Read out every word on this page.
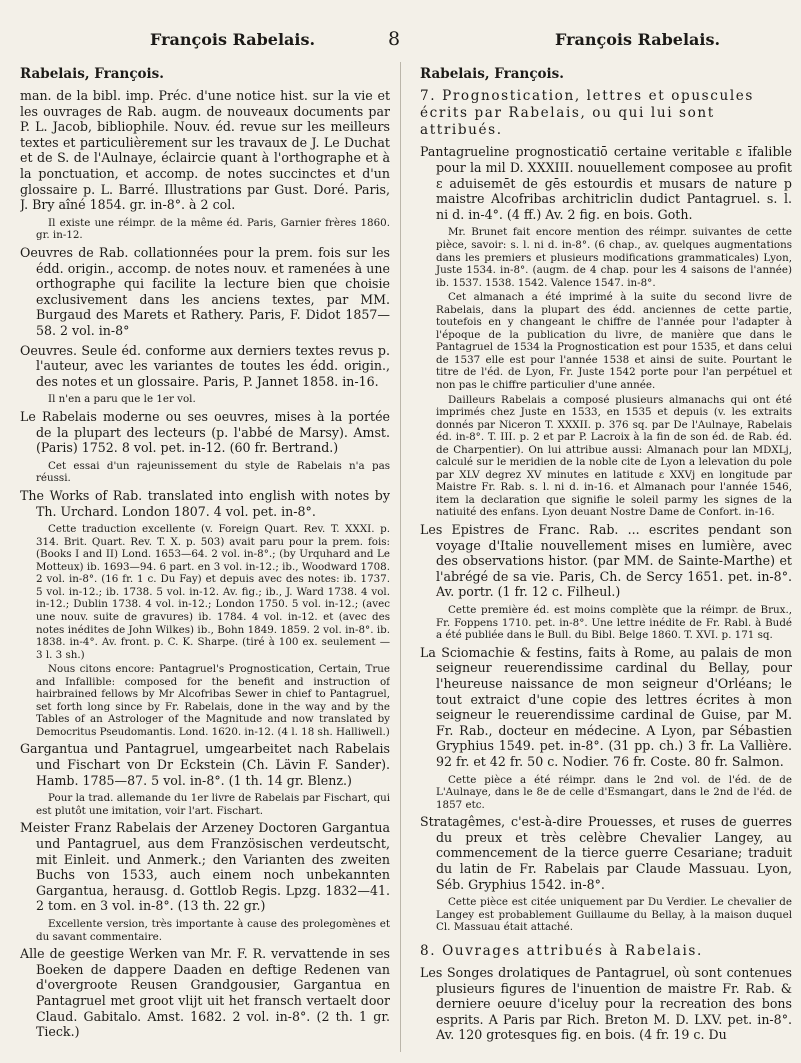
François Rabelais.	8	François Rabelais.
Rabelais, François.

man. de la bibl. imp. Préc. d'une notice hist. sur la vie et les ouvrages de Rab. augm. de nouveaux documents par P. L. Jacob, bibliophile. Nouv. éd. revue sur les meilleurs textes et particulièrement sur les travaux de J. Le Duchat et de S. de l'Aulnaye, éclaircie quant à l'orthographe et à la ponctuation, et accomp. de notes succinctes et d'un glossaire p. L. Barré. Illustrations par Gust. Doré. Paris, J. Bry aîné 1854. gr. in-8°. à 2 col.

Il existe une réimpr. de la même éd. Paris, Garnier frères 1860. gr. in-12.

Oeuvres de Rab. collationnées pour la prem. fois sur les édd. origin., accomp. de notes nouv. et ramenées à une orthographe qui facilite la lecture bien que choisie exclusivement dans les anciens textes, par MM. Burgaud des Marets et Rathery. Paris, F. Didot 1857—58. 2 vol. in-8°

Oeuvres. Seule éd. conforme aux derniers textes revus p. l'auteur, avec les variantes de toutes les édd. origin., des notes et un glossaire. Paris, P. Jannet 1858. in-16.

Il n'en a paru que le 1er vol.

Le Rabelais moderne ou ses oeuvres, mises à la portée de la plupart des lecteurs (p. l'abbé de Marsy). Amst. (Paris) 1752. 8 vol. pet. in-12. (60 fr. Bertrand.)

Cet essai d'un rajeunissement du style de Rabelais n'a pas réussi.

The Works of Rab. translated into english with notes by Th. Urchard. London 1807. 4 vol. pet. in-8°.

Cette traduction excellente (v. Foreign Quart. Rev. T. XXXI. p. 314. Brit. Quart. Rev. T. X. p. 503) avait paru pour la prem. fois: (Books I and II) Lond. 1653—64. 2 vol. in-8°.; (by Urquhard and Le Motteux) ib. 1693—94. 6 part. en 3 vol. in-12.; ib., Woodward 1708. 2 vol. in-8°. (16 fr. 1 c. Du Fay) et depuis avec des notes: ib. 1737. 5 vol. in-12.; ib. 1738. 5 vol. in-12. Av. fig.; ib., J. Ward 1738. 4 vol. in-12.; Dublin 1738. 4 vol. in-12.; London 1750. 5 vol. in-12.; (avec une nouv. suite de gravures) ib. 1784. 4 vol. in-12. et (avec des notes inédites de John Wilkes) ib., Bohn 1849. 1859. 2 vol. in-8°. ib. 1838. in-4°. Av. front. p. C. K. Sharpe. (tiré à 100 ex. seulement — 3 l. 3 sh.)

Nous citons encore: Pantagruel's Prognostication, Certain, True and Infallible: composed for the benefit and instruction of hairbrained fellows by Mr Alcofribas Sewer in chief to Pantagruel, set forth long since by Fr. Rabelais, done in the way and by the Tables of an Astrologer of the Magnitude and now translated by Democritus Pseudomantis. Lond. 1620. in-12. (4 l. 18 sh. Halliwell.)

Gargantua und Pantagruel, umgearbeitet nach Rabelais und Fischart von Dr Eckstein (Ch. Lävin F. Sander). Hamb. 1785—87. 5 vol. in-8°. (1 th. 14 gr. Blenz.)

Pour la trad. allemande du 1er livre de Rabelais par Fischart, qui est plutôt une imitation, voir l'art. Fischart.

Meister Franz Rabelais der Arzeney Doctoren Gargantua und Pantagruel, aus dem Französischen verdeutscht, mit Einleit. und Anmerk.; den Varianten des zweiten Buchs von 1533, auch einem noch unbekannten Gargantua, herausg. d. Gottlob Regis. Lpzg. 1832—41. 2 tom. en 3 vol. in-8°. (13 th. 22 gr.)

Excellente version, très importante à cause des prolegomènes et du savant commentaire.

Alle de geestige Werken van Mr. F. R. vervattende in ses Boeken de dappere Daaden en deftige Redenen van d'overgroote Reusen Grandgousier, Gargantua en Pantagruel met groot vlijt uit het fransch vertaelt door Claud. Gabitalo. Amst. 1682. 2 vol. in-8°. (2 th. 1 gr. Tieck.)

Rabelais, François.

7. Prognostication, lettres et opuscules écrits par Rabelais, ou qui lui sont attribués.

Pantagrueline prognosticatiō certaine veritable ɛ īfalible pour la mil D. XXXIII. nouuellement composee au profit ɛ aduisemēt de gēs estourdis et musars de nature p maistre Alcofribas architriclin dudict Pantagruel. s. l. ni d. in-4°. (4 ff.) Av. 2 fig. en bois. Goth.

Mr. Brunet fait encore mention des réimpr. suivantes de cette pièce, savoir: s. l. ni d. in-8°. (6 chap., av. quelques augmentations dans les premiers et plusieurs modifications grammaticales) Lyon, Juste 1534. in-8°. (augm. de 4 chap. pour les 4 saisons de l'année) ib. 1537. 1538. 1542. Valence 1547. in-8°.

Cet almanach a été imprimé à la suite du second livre de Rabelais, dans la plupart des édd. anciennes de cette partie, toutefois en y changeant le chiffre de l'année pour l'adapter à l'époque de la publication du livre, de manière que dans le Pantagruel de 1534 la Prognostication est pour 1535, et dans celui de 1537 elle est pour l'année 1538 et ainsi de suite. Pourtant le titre de l'éd. de Lyon, Fr. Juste 1542 porte pour l'an perpétuel et non pas le chiffre particulier d'une année.

Dailleurs Rabelais a composé plusieurs almanachs qui ont été imprimés chez Juste en 1533, en 1535 et depuis (v. les extraits donnés par Niceron T. XXXII. p. 376 sq. par De l'Aulnaye, Rabelais éd. in-8°. T. III. p. 2 et par P. Lacroix à la fin de son éd. de Rab. éd. de Charpentier). On lui attribue aussi: Almanach pour lan MDXLj, calculé sur le meridien de la noble cite de Lyon a lelevation du pole par XLV degrez XV minutes en latitude ɛ XXVj en longitude par Maistre Fr. Rab. s. l. ni d. in-16. et Almanach pour l'année 1546, item la declaration que signifie le soleil parmy les signes de la natiuité des enfans. Lyon deuant Nostre Dame de Confort. in-16.

Les Epistres de Franc. Rab. ... escrites pendant son voyage d'Italie nouvellement mises en lumière, avec des observations histor. (par MM. de Sainte-Marthe) et l'abrégé de sa vie. Paris, Ch. de Sercy 1651. pet. in-8°. Av. portr. (1 fr. 12 c. Filheul.)

Cette première éd. est moins complète que la réimpr. de Brux., Fr. Foppens 1710. pet. in-8°. Une lettre inédite de Fr. Rabl. à Budé a été publiée dans le Bull. du Bibl. Belge 1860. T. XVI. p. 171 sq.

La Sciomachie & festins, faits à Rome, au palais de mon seigneur reuerendissime cardinal du Bellay, pour l'heureuse naissance de mon seigneur d'Orléans; le tout extraict d'une copie des lettres écrites à mon seigneur le reuerendissime cardinal de Guise, par M. Fr. Rab., docteur en médecine. A Lyon, par Sébastien Gryphius 1549. pet. in-8°. (31 pp. ch.) 3 fr. La Vallière. 92 fr. et 42 fr. 50 c. Nodier. 76 fr. Coste. 80 fr. Salmon.

Cette pièce a été réimpr. dans le 2nd vol. de l'éd. de de L'Aulnaye, dans le 8e de celle d'Esmangart, dans le 2nd de l'éd. de 1857 etc.

Stratagêmes, c'est-à-dire Prouesses, et ruses de guerres du preux et très celèbre Chevalier Langey, au commencement de la tierce guerre Cesariane; traduit du latin de Fr. Rabelais par Claude Massuau. Lyon, Séb. Gryphius 1542. in-8°.

Cette pièce est citée uniquement par Du Verdier. Le chevalier de Langey est probablement Guillaume du Bellay, à la maison duquel Cl. Massuau était attaché.

8. Ouvrages attribués à Rabelais.

Les Songes drolatiques de Pantagruel, où sont contenues plusieurs figures de l'inuention de maistre Fr. Rab. & derniere oeuure d'iceluy pour la recreation des bons esprits. A Paris par Rich. Breton M. D. LXV. pet. in-8°. Av. 120 grotesques fig. en bois. (4 fr. 19 c. Du
